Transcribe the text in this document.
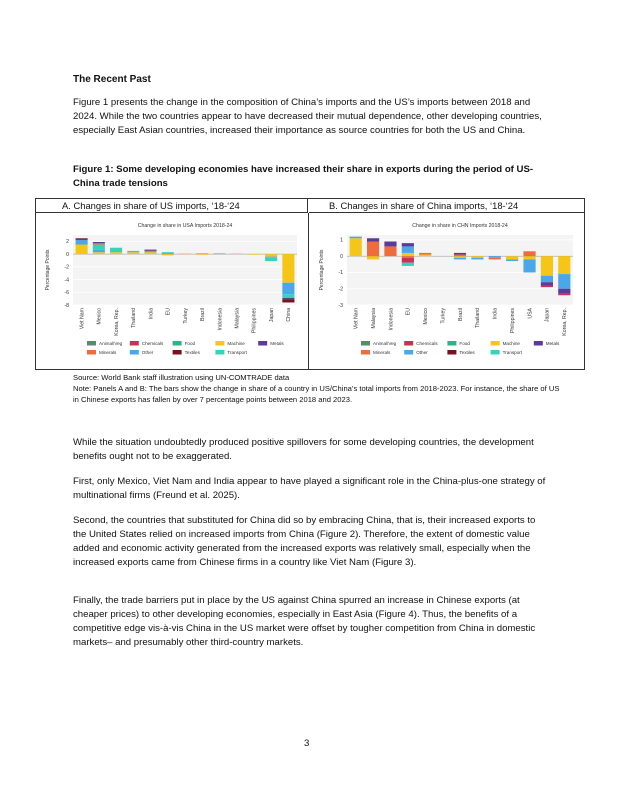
The Recent Past

Figure 1 presents the change in the composition of China’s imports and the US’s imports between 2018 and 2024. While the two countries appear to have decreased their mutual dependence, other developing countries, especially East Asian countries, increased their importance as source countries for both the US and China.

Figure 1: Some developing economies have increased their share in exports during the period of US-China trade tensions

A. Changes in share of US imports, ‘18-‘24	B. Changes in share of China imports, ‘18-‘24
Change in share in USA Imports 2018-24
Percentage Points
2
0
-2
-4
-6
-8
Viet Nam Mexico Korea, Rep. Thailand India EU Turkey Brazil Indonesia Malaysia Philippines Japan China
Animal/Veg	Chemicals	Food	Machine	Metals
Minerals	Other	Textiles	Transport
Change in share in CHN Imports 2018-24
Percentage Points
1
0
-1
-2
-3
Viet Nam Malaysia Indonesia EU Mexico Turkey Brazil Thailand India Philippines USA Japan Korea, Rep.
Animal/Veg	Chemicals	Food	Machine	Metals
Minerals	Other	Textiles	Transport

Source: World Bank staff illustration using UN-COMTRADE data

Note: Panels A and B: The bars show the change in share of a country in US/China’s total imports from 2018-2023. For instance, the share of US in Chinese exports has fallen by over 7 percentage points between 2018 and 2023.

While the situation undoubtedly produced positive spillovers for some developing countries, the development benefits ought not to be exaggerated.

First, only Mexico, Viet Nam and India appear to have played a significant role in the China-plus-one strategy of multinational firms (Freund et al. 2025).

Second, the countries that substituted for China did so by embracing China, that is, their increased exports to the United States relied on increased imports from China (Figure 2). Therefore, the extent of domestic value added and economic activity generated from the increased exports was relatively small, especially when the increased exports came from Chinese firms in a country like Viet Nam (Figure 3).

Finally, the trade barriers put in place by the US against China spurred an increase in Chinese exports (at cheaper prices) to other developing economies, especially in East Asia (Figure 4). Thus, the benefits of a competitive edge vis-à-vis China in the US market were offset by tougher competition from China in domestic markets– and presumably other third-country markets.

3
